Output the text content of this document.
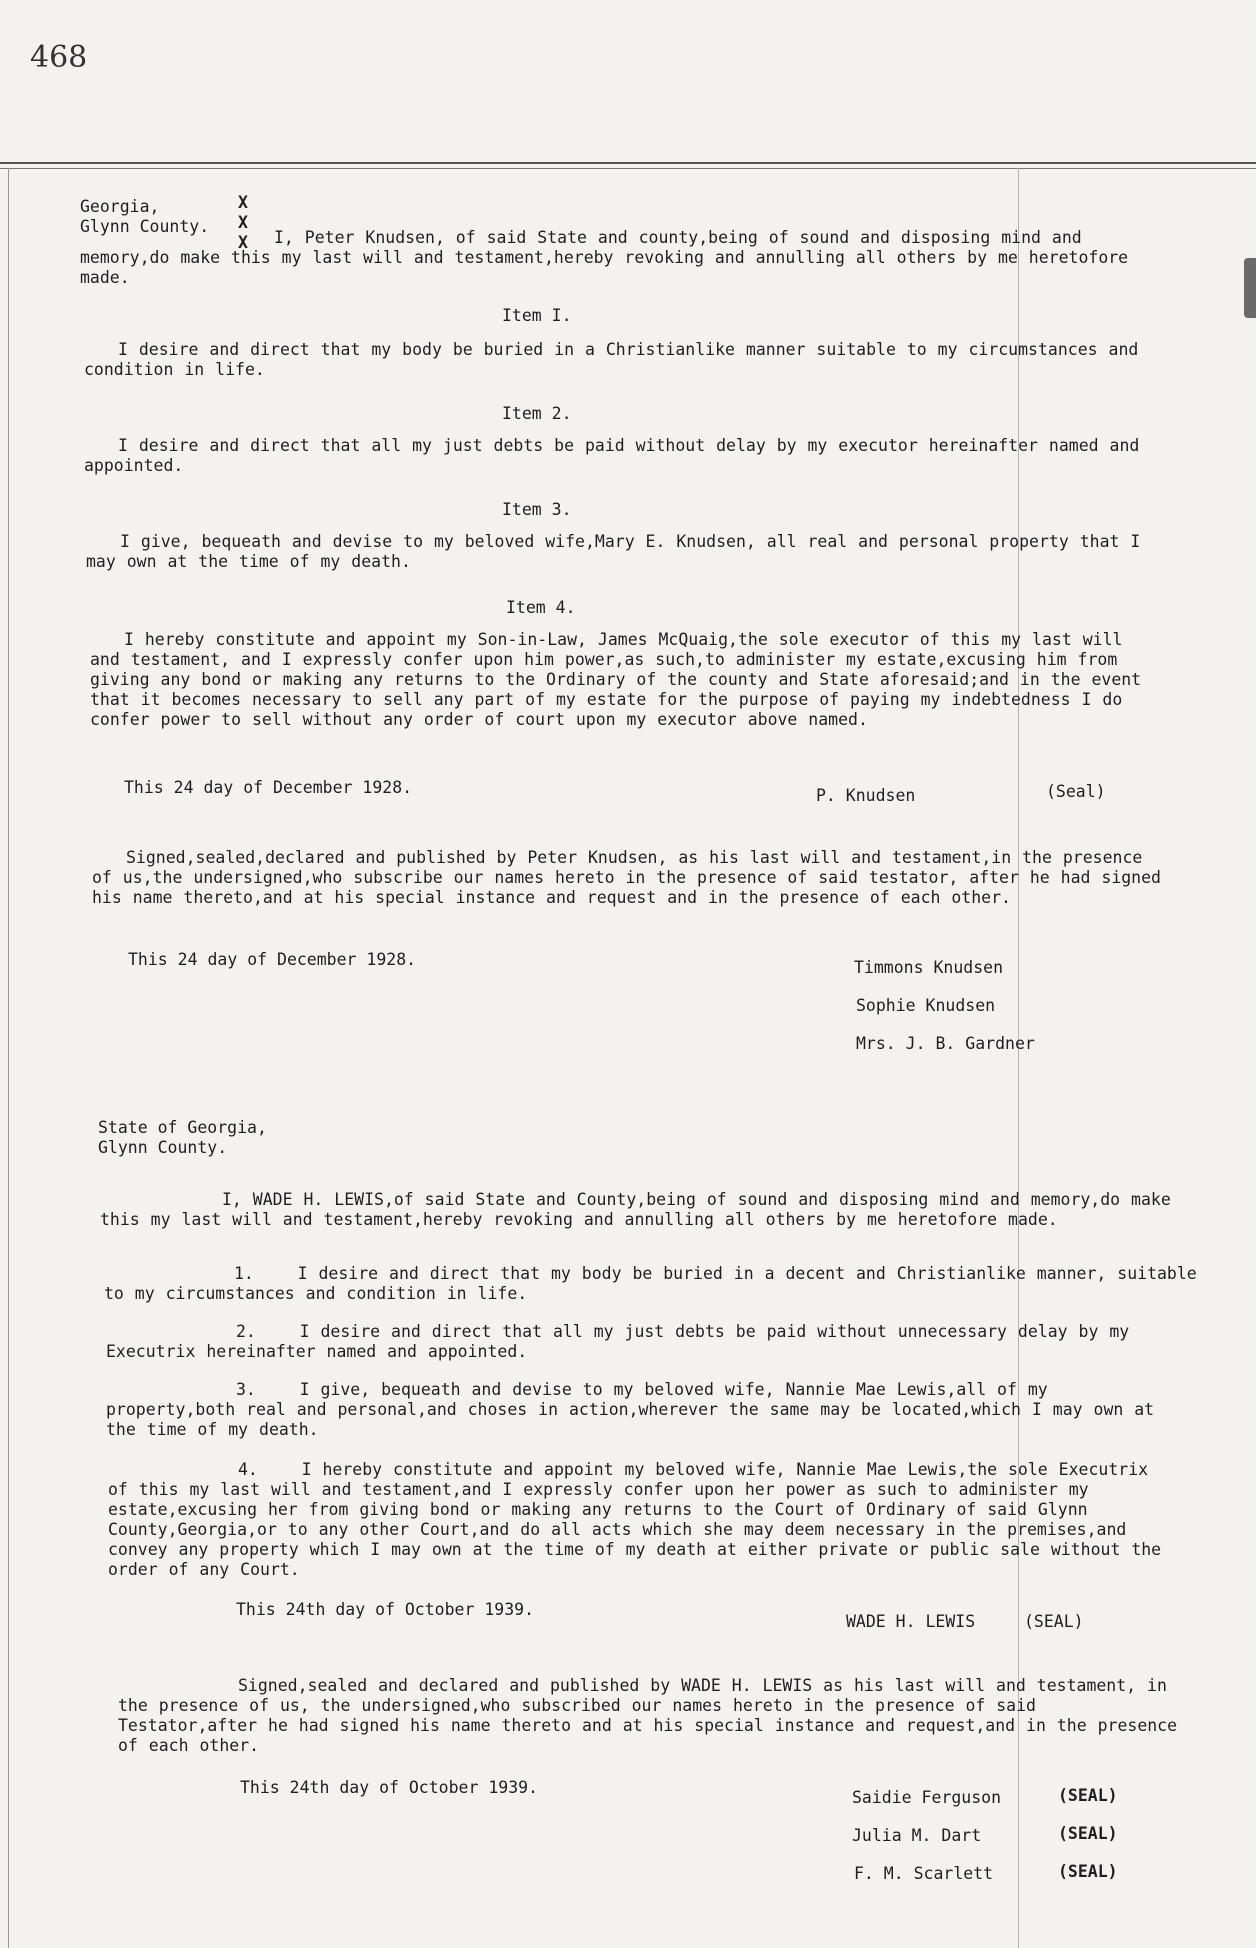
468
Georgia,
Glynn County.
X
X
X	I, Peter Knudsen, of said State and county,being of sound and disposing mind and memory,do make this my last will and testament,hereby revoking and annulling all others by me heretofore made.
Item I.
I desire and direct that my body be buried in a Christianlike manner suitable to my circumstances and condition in life.
Item 2.
I desire and direct that all my just debts be paid without delay by my executor hereinafter named and appointed.
Item 3.
I give, bequeath and devise to my beloved wife,Mary E. Knudsen, all real and personal property that I may own at the time of my death.
Item 4.
I hereby constitute and appoint my Son-in-Law, James McQuaig,the sole executor of this my last will and testament, and I expressly confer upon him power,as such,to administer my estate,excusing him from giving any bond or making any returns to the Ordinary of the county and State aforesaid;and in the event that it becomes necessary to sell any part of my estate for the purpose of paying my indebtedness I do confer power to sell without any order of court upon my executor above named.
This 24 day of December 1928.	P. Knudsen	(Seal)
Signed,sealed,declared and published by Peter Knudsen, as his last will and testament,in the presence of us,the undersigned,who subscribe our names hereto in the presence of said testator, after he had signed his name thereto,and at his special instance and request and in the presence of each other.
This 24 day of December 1928.	Timmons Knudsen
Sophie Knudsen
Mrs. J. B. Gardner
State of Georgia,
Glynn County.
I, WADE H. LEWIS,of said State and County,being of sound and disposing mind and memory,do make this my last will and testament,hereby revoking and annulling all others by me heretofore made.
1.	I desire and direct that my body be buried in a decent and Christianlike manner, suitable to my circumstances and condition in life.
2.	I desire and direct that all my just debts be paid without unnecessary delay by my Executrix hereinafter named and appointed.
3.	I give, bequeath and devise to my beloved wife, Nannie Mae Lewis,all of my property,both real and personal,and choses in action,wherever the same may be located,which I may own at the time of my death.
4.	I hereby constitute and appoint my beloved wife, Nannie Mae Lewis,the sole Executrix of this my last will and testament,and I expressly confer upon her power as such to administer my estate,excusing her from giving bond or making any returns to the Court of Ordinary of said Glynn County,Georgia,or to any other Court,and do all acts which she may deem necessary in the premises,and convey any property which I may own at the time of my death at either private or public sale without the order of any Court.
This 24th day of October 1939.
WADE H. LEWIS	(SEAL)
Signed,sealed and declared and published by WADE H. LEWIS as his last will and testament, in the presence of us, the undersigned,who subscribed our names hereto in the presence of said Testator,after he had signed his name thereto and at his special instance and request,and in the presence of each other.
This 24th day of October 1939.
Saidie Ferguson	(SEAL)
Julia M. Dart	(SEAL)
F. M. Scarlett	(SEAL)
